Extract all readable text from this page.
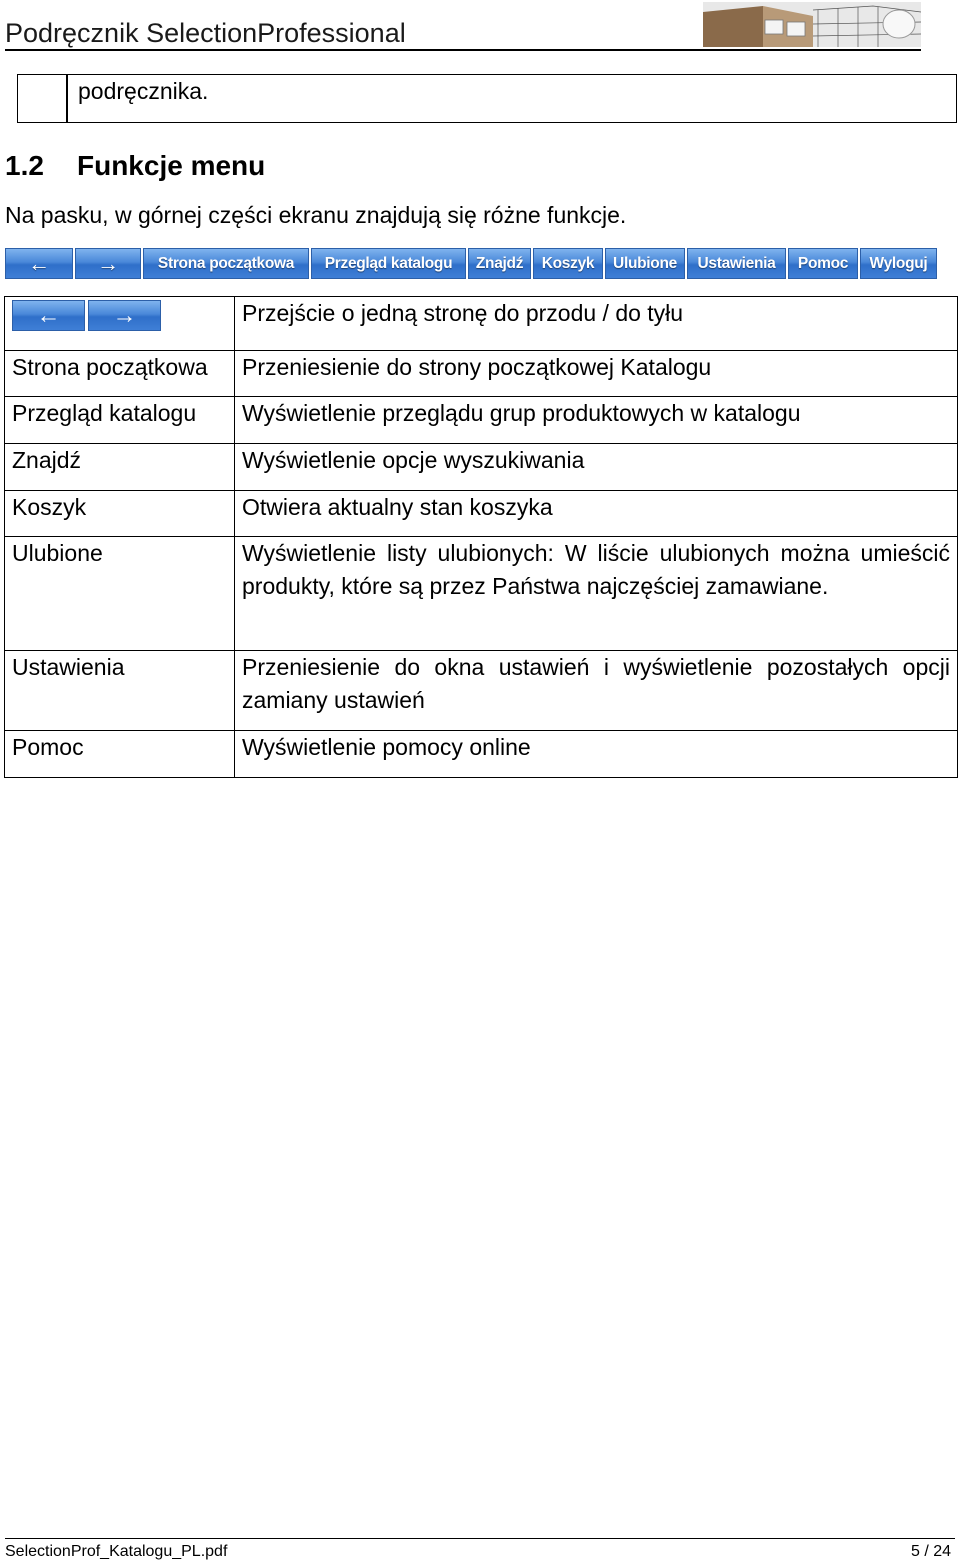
Podręcznik SelectionProfessional
podręcznika.
1.2 Funkcje menu
Na pasku, w górnej części ekranu znajdują się różne funkcje.
← →	Strona początkowa	Przegląd katalogu	Znajdź	Koszyk	Ulubione	Ustawienia	Pomoc	Wyloguj
← →	Przejście o jedną stronę do przodu / do tyłu
Strona początkowa	Przeniesienie do strony początkowej Katalogu
Przegląd katalogu	Wyświetlenie przeglądu grup produktowych w katalogu
Znajdź	Wyświetlenie opcje wyszukiwania
Koszyk	Otwiera aktualny stan koszyka
Ulubione	Wyświetlenie listy ulubionych: W liście ulubionych można umieścić produkty, które są przez Państwa najczęściej zamawiane.
Ustawienia	Przeniesienie do okna ustawień i wyświetlenie pozostałych opcji zamiany ustawień
Pomoc	Wyświetlenie pomocy online
SelectionProf_Katalogu_PL.pdf	5 / 24
